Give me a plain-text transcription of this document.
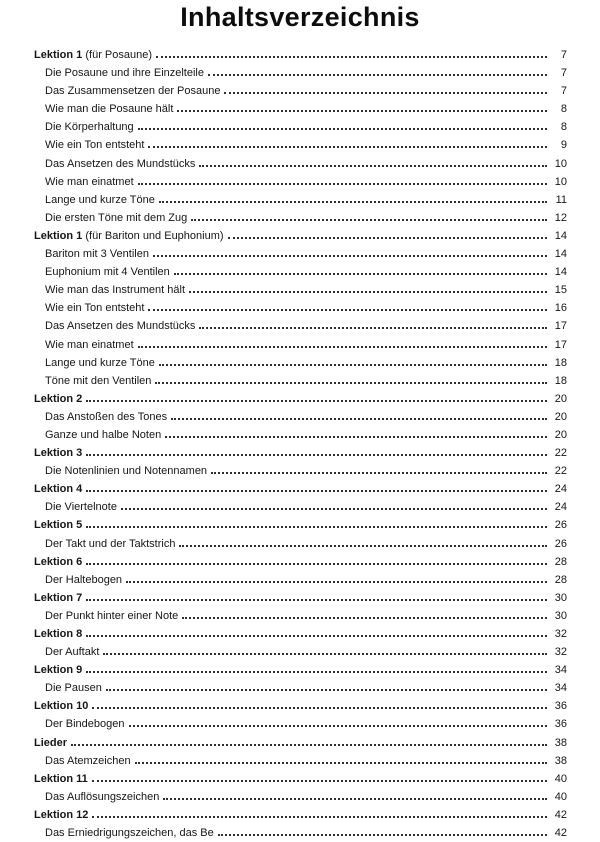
Inhaltsverzeichnis
Lektion 1 (für Posaune)	7
Die Posaune und ihre Einzelteile	7
Das Zusammensetzen der Posaune	7
Wie man die Posaune hält	8
Die Körperhaltung	8
Wie ein Ton entsteht	9
Das Ansetzen des Mundstücks	10
Wie man einatmet	10
Lange und kurze Töne	11
Die ersten Töne mit dem Zug	12
Lektion 1 (für Bariton und Euphonium)	14
Bariton mit 3 Ventilen	14
Euphonium mit 4 Ventilen	14
Wie man das Instrument hält	15
Wie ein Ton entsteht	16
Das Ansetzen des Mundstücks	17
Wie man einatmet	17
Lange und kurze Töne	18
Töne mit den Ventilen	18
Lektion 2	20
Das Anstoßen des Tones	20
Ganze und halbe Noten	20
Lektion 3	22
Die Notenlinien und Notennamen	22
Lektion 4	24
Die Viertelnote	24
Lektion 5	26
Der Takt und der Taktstrich	26
Lektion 6	28
Der Haltebogen	28
Lektion 7	30
Der Punkt hinter einer Note	30
Lektion 8	32
Der Auftakt	32
Lektion 9	34
Die Pausen	34
Lektion 10	36
Der Bindebogen	36
Lieder	38
Das Atemzeichen	38
Lektion 11	40
Das Auflösungszeichen	40
Lektion 12	42
Das Erniedrigungszeichen, das Be	42
